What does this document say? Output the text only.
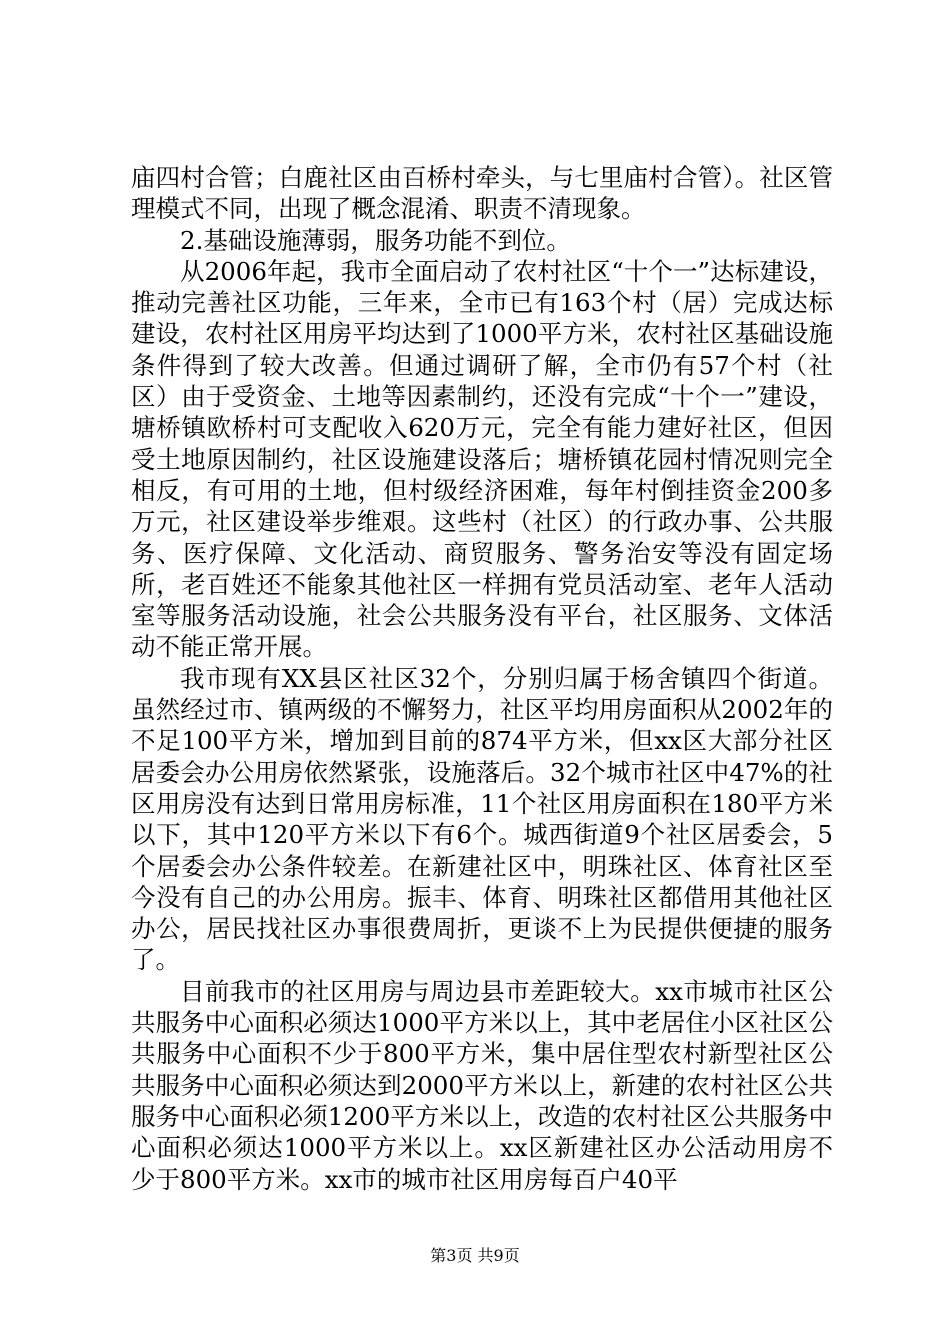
庙四村合管；白鹿社区由百桥村牵头，与七里庙村合管）。社区管理模式不同，出现了概念混淆、职责不清现象。

2.基础设施薄弱，服务功能不到位。

从2006年起，我市全面启动了农村社区“十个一”达标建设，推动完善社区功能，三年来，全市已有163个村（居）完成达标建设，农村社区用房平均达到了1000平方米，农村社区基础设施条件得到了较大改善。但通过调研了解，全市仍有57个村（社区）由于受资金、土地等因素制约，还没有完成“十个一”建设，塘桥镇欧桥村可支配收入620万元，完全有能力建好社区，但因受土地原因制约，社区设施建设落后；塘桥镇花园村情况则完全相反，有可用的土地，但村级经济困难，每年村倒挂资金200多万元，社区建设举步维艰。这些村（社区）的行政办事、公共服务、医疗保障、文化活动、商贸服务、警务治安等没有固定场所，老百姓还不能象其他社区一样拥有党员活动室、老年人活动室等服务活动设施，社会公共服务没有平台，社区服务、文体活动不能正常开展。

我市现有XX县区社区32个，分别归属于杨舍镇四个街道。虽然经过市、镇两级的不懈努力，社区平均用房面积从2002年的不足100平方米，增加到目前的874平方米，但xx区大部分社区居委会办公用房依然紧张，设施落后。32个城市社区中47%的社区用房没有达到日常用房标准，11个社区用房面积在180平方米以下，其中120平方米以下有6个。城西街道9个社区居委会，5个居委会办公条件较差。在新建社区中，明珠社区、体育社区至今没有自己的办公用房。振丰、体育、明珠社区都借用其他社区办公，居民找社区办事很费周折，更谈不上为民提供便捷的服务了。

目前我市的社区用房与周边县市差距较大。xx市城市社区公共服务中心面积必须达1000平方米以上，其中老居住小区社区公共服务中心面积不少于800平方米，集中居住型农村新型社区公共服务中心面积必须达到2000平方米以上，新建的农村社区公共服务中心面积必须1200平方米以上，改造的农村社区公共服务中心面积必须达1000平方米以上。xx区新建社区办公活动用房不少于800平方米。xx市的城市社区用房每百户40平

第3页 共9页
